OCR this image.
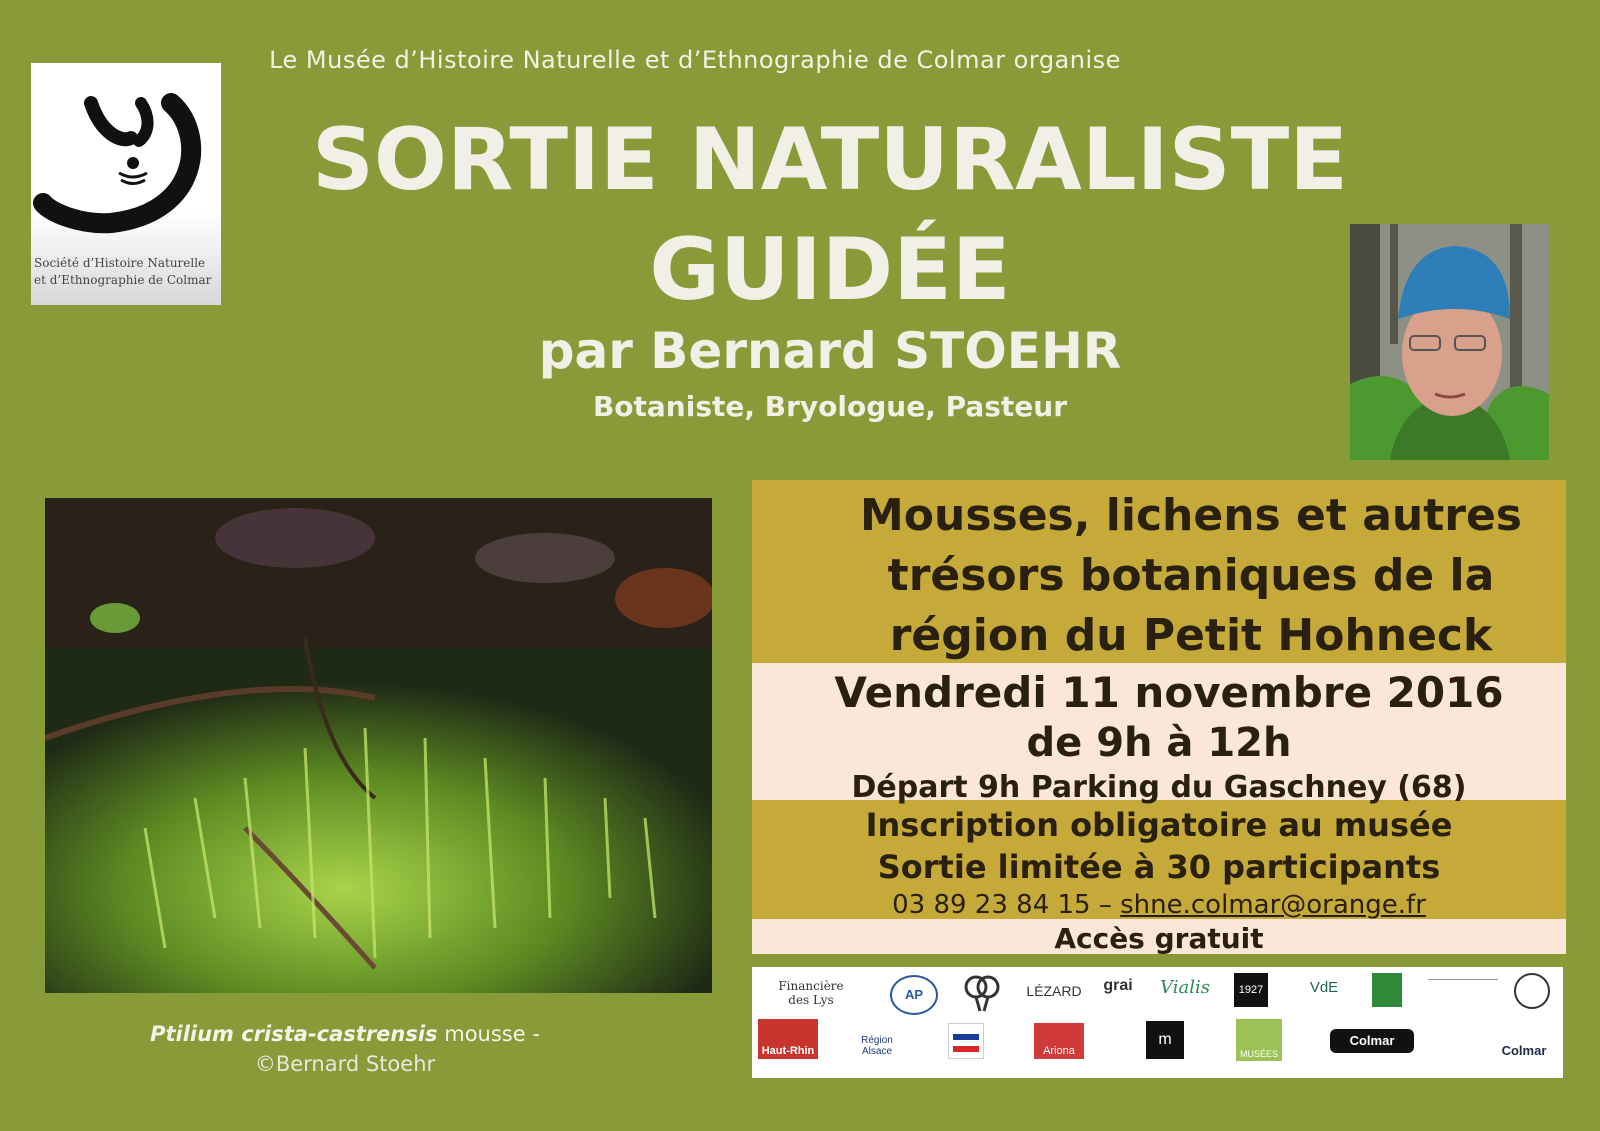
Le Musée d’Histoire Naturelle et d’Ethnographie de Colmar organise
SORTIE NATURALISTE
GUIDÉE
par Bernard STOEHR
Botaniste, Bryologue, Pasteur
Société d’Histoire Naturelle
et d’Ethnographie de Colmar
Ptilium crista-castrensis mousse -
©Bernard Stoehr
Mousses, lichens et autres
trésors botaniques de la
région du Petit Hohneck
Vendredi 11 novembre 2016
de 9h à 12h
Départ 9h Parking du Gaschney (68)
Inscription obligatoire au musée
Sortie limitée à 30 participants
03 89 23 84 15 – shne.colmar@orange.fr
Accès gratuit
Financière des Lys	AP	LÉZARD	grai Vialis	1927	VdE
Haut-Rhin
Région Alsace	Ariona
m
MUSÉES
Colmar
Colmar
